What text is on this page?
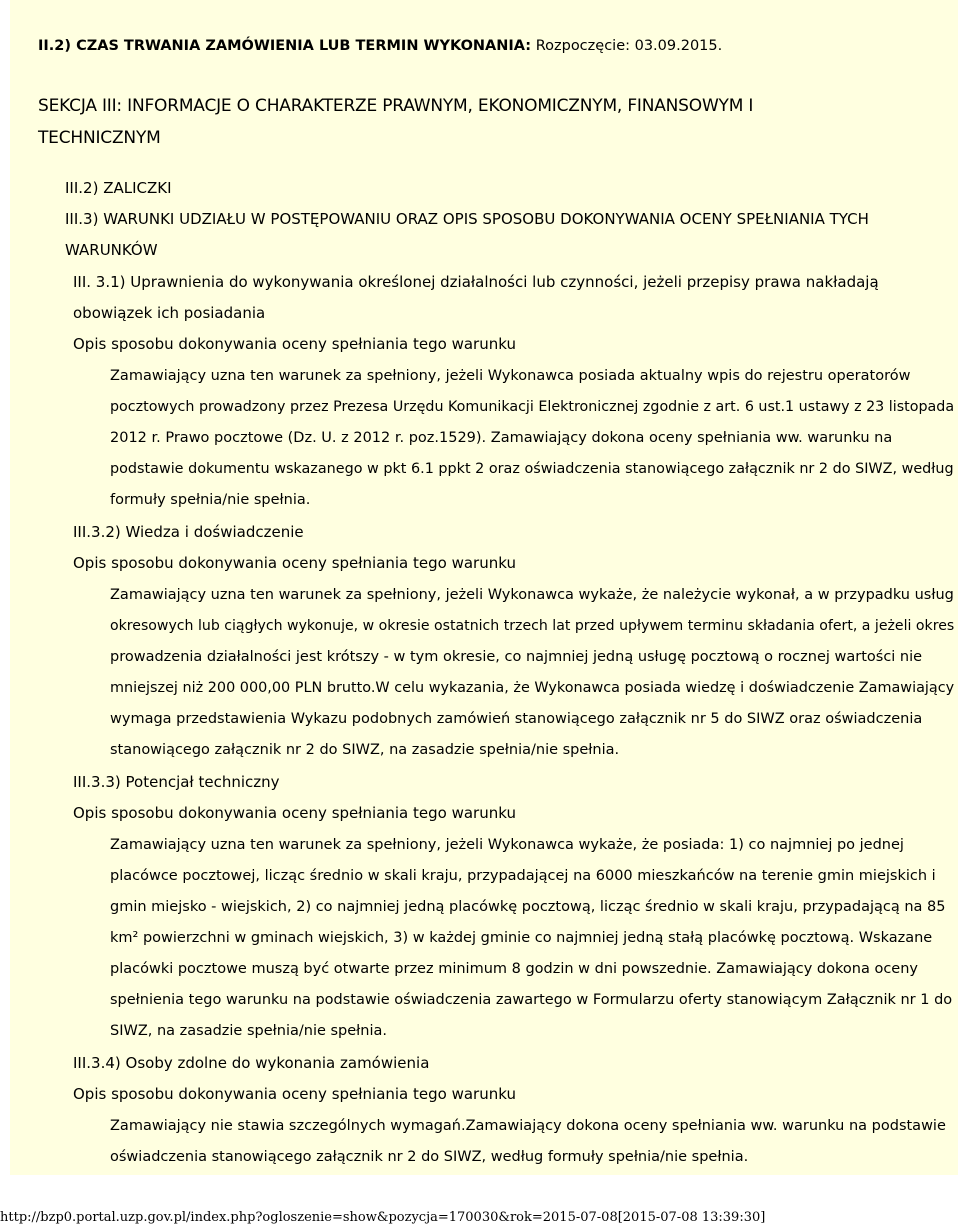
II.2) CZAS TRWANIA ZAMÓWIENIA LUB TERMIN WYKONANIA: Rozpoczęcie: 03.09.2015.
SEKCJA III: INFORMACJE O CHARAKTERZE PRAWNYM, EKONOMICZNYM, FINANSOWYM I
TECHNICZNYM
III.2) ZALICZKI
III.3) WARUNKI UDZIAŁU W POSTĘPOWANIU ORAZ OPIS SPOSOBU DOKONYWANIA OCENY SPEŁNIANIA TYCH
WARUNKÓW
III. 3.1) Uprawnienia do wykonywania określonej działalności lub czynności, jeżeli przepisy prawa nakładają
obowiązek ich posiadania
Opis sposobu dokonywania oceny spełniania tego warunku
Zamawiający uzna ten warunek za spełniony, jeżeli Wykonawca posiada aktualny wpis do rejestru operatorów
pocztowych prowadzony przez Prezesa Urzędu Komunikacji Elektronicznej zgodnie z art. 6 ust.1 ustawy z 23 listopada
2012 r. Prawo pocztowe (Dz. U. z 2012 r. poz.1529). Zamawiający dokona oceny spełniania ww. warunku na
podstawie dokumentu wskazanego w pkt 6.1 ppkt 2 oraz oświadczenia stanowiącego załącznik nr 2 do SIWZ, według
formuły spełnia/nie spełnia.
III.3.2) Wiedza i doświadczenie
Opis sposobu dokonywania oceny spełniania tego warunku
Zamawiający uzna ten warunek za spełniony, jeżeli Wykonawca wykaże, że należycie wykonał, a w przypadku usług
okresowych lub ciągłych wykonuje, w okresie ostatnich trzech lat przed upływem terminu składania ofert, a jeżeli okres
prowadzenia działalności jest krótszy - w tym okresie, co najmniej jedną usługę pocztową o rocznej wartości nie
mniejszej niż 200 000,00 PLN brutto.W celu wykazania, że Wykonawca posiada wiedzę i doświadczenie Zamawiający
wymaga przedstawienia Wykazu podobnych zamówień stanowiącego załącznik nr 5 do SIWZ oraz oświadczenia
stanowiącego załącznik nr 2 do SIWZ, na zasadzie spełnia/nie spełnia.
III.3.3) Potencjał techniczny
Opis sposobu dokonywania oceny spełniania tego warunku
Zamawiający uzna ten warunek za spełniony, jeżeli Wykonawca wykaże, że posiada: 1) co najmniej po jednej
placówce pocztowej, licząc średnio w skali kraju, przypadającej na 6000 mieszkańców na terenie gmin miejskich i
gmin miejsko - wiejskich, 2) co najmniej jedną placówkę pocztową, licząc średnio w skali kraju, przypadającą na 85
km² powierzchni w gminach wiejskich, 3) w każdej gminie co najmniej jedną stałą placówkę pocztową. Wskazane
placówki pocztowe muszą być otwarte przez minimum 8 godzin w dni powszednie. Zamawiający dokona oceny
spełnienia tego warunku na podstawie oświadczenia zawartego w Formularzu oferty stanowiącym Załącznik nr 1 do
SIWZ, na zasadzie spełnia/nie spełnia.
III.3.4) Osoby zdolne do wykonania zamówienia
Opis sposobu dokonywania oceny spełniania tego warunku
Zamawiający nie stawia szczególnych wymagań.Zamawiający dokona oceny spełniania ww. warunku na podstawie
oświadczenia stanowiącego załącznik nr 2 do SIWZ, według formuły spełnia/nie spełnia.
http://bzp0.portal.uzp.gov.pl/index.php?ogloszenie=show&pozycja=170030&rok=2015-07-08[2015-07-08 13:39:30]
